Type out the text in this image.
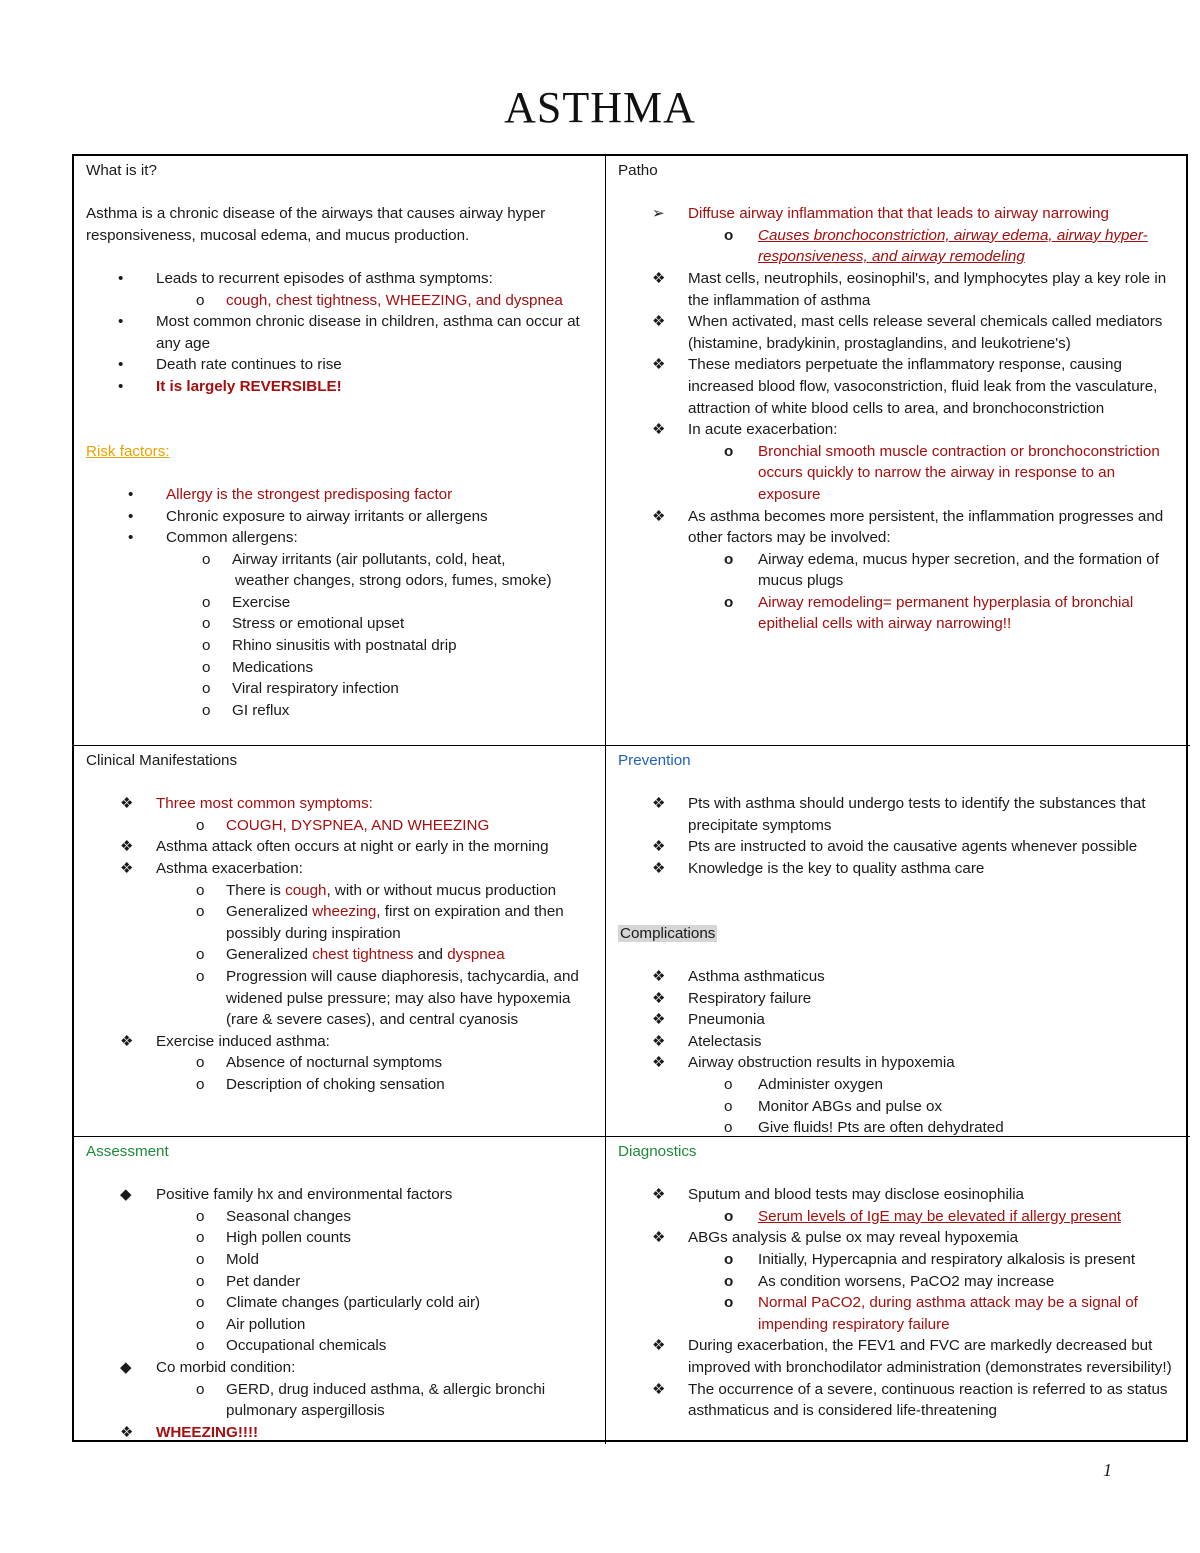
ASTHMA
What is it?
Asthma is a chronic disease of the airways that causes airway hyper responsiveness, mucosal edema, and mucus production.
•	Leads to recurrent episodes of asthma symptoms:
o	cough, chest tightness, WHEEZING, and dyspnea
•	Most common chronic disease in children, asthma can occur at any age
•	Death rate continues to rise
•	It is largely REVERSIBLE!
Risk factors:
•	Allergy is the strongest predisposing factor
•	Chronic exposure to airway irritants or allergens
•	Common allergens:
o	Airway irritants (air pollutants, cold, heat,
weather changes, strong odors, fumes, smoke)
o	Exercise
o	Stress or emotional upset
o	Rhino sinusitis with postnatal drip
o	Medications
o	Viral respiratory infection
o	GI reflux
Patho
➢	Diffuse airway inflammation that that leads to airway narrowing
o	Causes bronchoconstriction, airway edema, airway hyper-responsiveness, and airway remodeling
❖	Mast cells, neutrophils, eosinophil's, and lymphocytes play a key role in the inflammation of asthma
❖	When activated, mast cells release several chemicals called mediators (histamine, bradykinin, prostaglandins, and leukotriene's)
❖	These mediators perpetuate the inflammatory response, causing increased blood flow, vasoconstriction, fluid leak from the vasculature, attraction of white blood cells to area, and bronchoconstriction
❖	In acute exacerbation:
o	Bronchial smooth muscle contraction or bronchoconstriction occurs quickly to narrow the airway in response to an exposure
❖	As asthma becomes more persistent, the inflammation progresses and other factors may be involved:
o	Airway edema, mucus hyper secretion, and the formation of mucus plugs
o	Airway remodeling= permanent hyperplasia of bronchial epithelial cells with airway narrowing!!
Clinical Manifestations
❖	Three most common symptoms:
o	COUGH, DYSPNEA, AND WHEEZING
❖	Asthma attack often occurs at night or early in the morning
❖	Asthma exacerbation:
o	There is cough, with or without mucus production
o	Generalized wheezing, first on expiration and then possibly during inspiration
o	Generalized chest tightness and dyspnea
o	Progression will cause diaphoresis, tachycardia, and widened pulse pressure; may also have hypoxemia (rare & severe cases), and central cyanosis
❖	Exercise induced asthma:
o	Absence of nocturnal symptoms
o	Description of choking sensation
Prevention
❖	Pts with asthma should undergo tests to identify the substances that precipitate symptoms
❖	Pts are instructed to avoid the causative agents whenever possible
❖	Knowledge is the key to quality asthma care
Complications
❖	Asthma asthmaticus
❖	Respiratory failure
❖	Pneumonia
❖	Atelectasis
❖	Airway obstruction results in hypoxemia
o	Administer oxygen
o	Monitor ABGs and pulse ox
o	Give fluids! Pts are often dehydrated
Assessment
◆	Positive family hx and environmental factors
o	Seasonal changes
o	High pollen counts
o	Mold
o	Pet dander
o	Climate changes (particularly cold air)
o	Air pollution
o	Occupational chemicals
◆	Co morbid condition:
o	GERD, drug induced asthma, & allergic bronchi pulmonary aspergillosis
❖	WHEEZING!!!!
Diagnostics
❖	Sputum and blood tests may disclose eosinophilia
o	Serum levels of IgE may be elevated if allergy present
❖	ABGs analysis & pulse ox may reveal hypoxemia
o	Initially, Hypercapnia and respiratory alkalosis is present
o	As condition worsens, PaCO2 may increase
o	Normal PaCO2, during asthma attack may be a signal of impending respiratory failure
❖	During exacerbation, the FEV1 and FVC are markedly decreased but improved with bronchodilator administration (demonstrates reversibility!)
❖	The occurrence of a severe, continuous reaction is referred to as status asthmaticus and is considered life-threatening
1
